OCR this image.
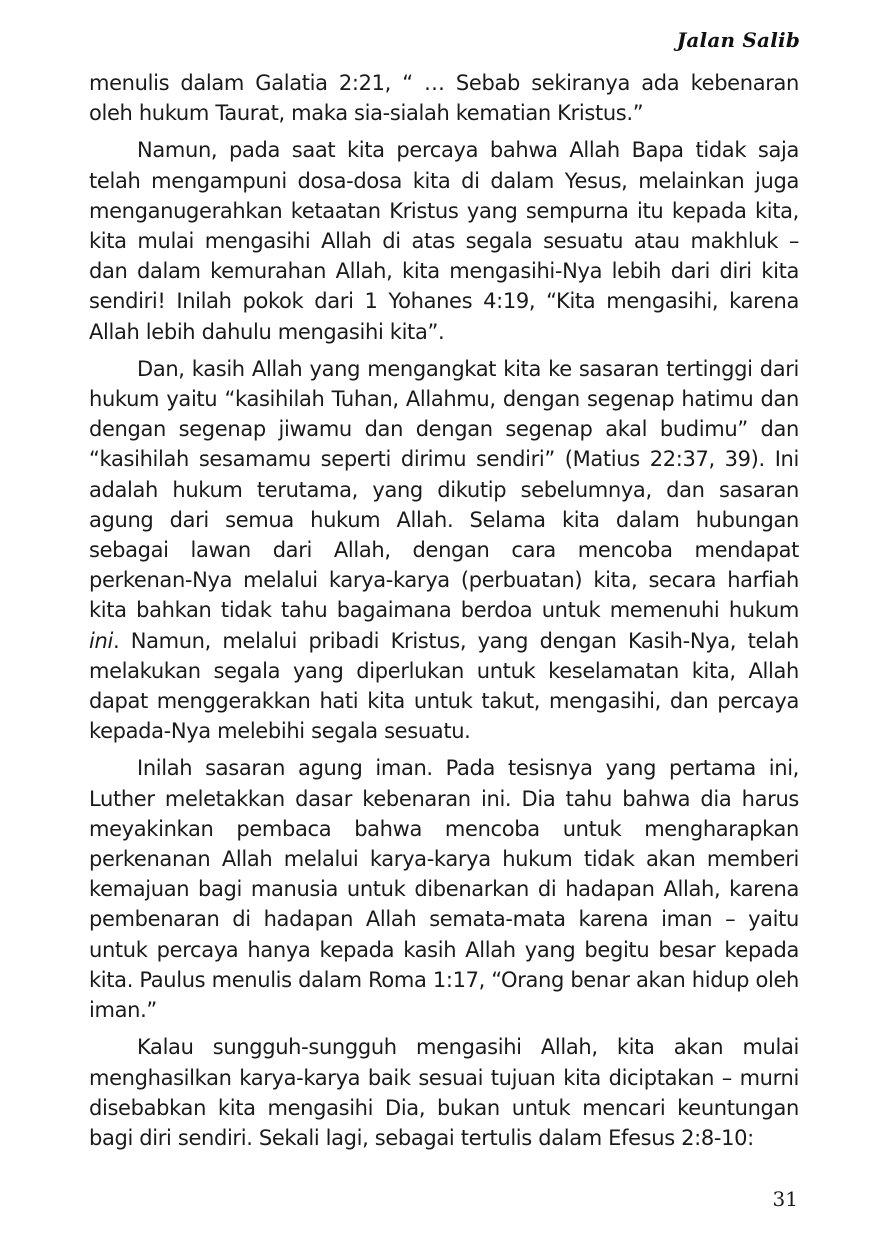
Jalan Salib

menulis dalam Galatia 2:21, “ … Sebab sekiranya ada kebenaran oleh hukum Taurat, maka sia-sialah kematian Kristus.”

Namun, pada saat kita percaya bahwa Allah Bapa tidak saja telah mengampuni dosa-dosa kita di dalam Yesus, melainkan juga menganugerahkan ketaatan Kristus yang sempurna itu kepada kita, kita mulai mengasihi Allah di atas segala sesuatu atau makhluk – dan dalam kemurahan Allah, kita mengasihi-Nya lebih dari diri kita sendiri! Inilah pokok dari 1 Yohanes 4:19, “Kita mengasihi, karena Allah lebih dahulu mengasihi kita”.

Dan, kasih Allah yang mengangkat kita ke sasaran tertinggi dari hukum yaitu “kasihilah Tuhan, Allahmu, dengan segenap hatimu dan dengan segenap jiwamu dan dengan segenap akal budimu” dan “kasihilah sesamamu seperti dirimu sendiri” (Matius 22:37, 39). Ini adalah hukum terutama, yang dikutip sebelumnya, dan sasaran agung dari semua hukum Allah. Selama kita dalam hubungan sebagai lawan dari Allah, dengan cara mencoba mendapat perkenan-Nya melalui karya-karya (perbuatan) kita, secara harfiah kita bahkan tidak tahu bagaimana berdoa untuk memenuhi hukum ini. Namun, melalui pribadi Kristus, yang dengan Kasih-Nya, telah melakukan segala yang diperlukan untuk keselamatan kita, Allah dapat menggerakkan hati kita untuk takut, mengasihi, dan percaya kepada-Nya melebihi segala sesuatu.

Inilah sasaran agung iman. Pada tesisnya yang pertama ini, Luther meletakkan dasar kebenaran ini. Dia tahu bahwa dia harus meyakinkan pembaca bahwa mencoba untuk mengharapkan perkenanan Allah melalui karya-karya hukum tidak akan memberi kemajuan bagi manusia untuk dibenarkan di hadapan Allah, karena pembenaran di hadapan Allah semata-mata karena iman – yaitu untuk percaya hanya kepada kasih Allah yang begitu besar kepada kita. Paulus menulis dalam Roma 1:17, “Orang benar akan hidup oleh iman.”

Kalau sungguh-sungguh mengasihi Allah, kita akan mulai menghasilkan karya-karya baik sesuai tujuan kita diciptakan – murni disebabkan kita mengasihi Dia, bukan untuk mencari keuntungan bagi diri sendiri. Sekali lagi, sebagai tertulis dalam Efesus 2:8-10:

31
